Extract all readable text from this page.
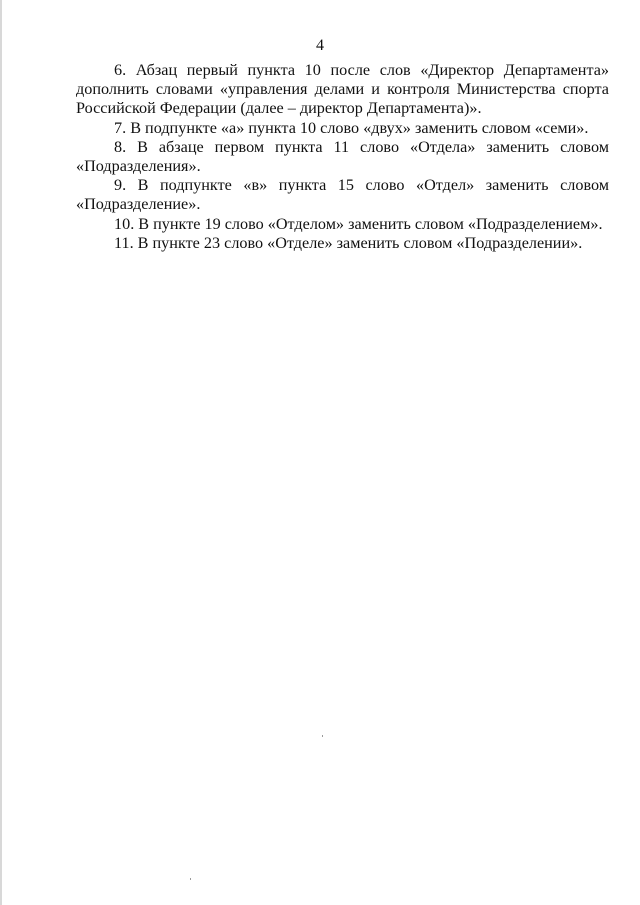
4

6. Абзац первый пункта 10 после слов «Директор Департамента» дополнить словами «управления делами и контроля Министерства спорта Российской Федерации (далее – директор Департамента)».

7. В подпункте «а» пункта 10 слово «двух» заменить словом «семи».

8. В абзаце первом пункта 11 слово «Отдела» заменить словом «Подразделения».

9. В подпункте «в» пункта 15 слово «Отдел» заменить словом «Подразделение».

10. В пункте 19 слово «Отделом» заменить словом «Подразделением».

11. В пункте 23 слово «Отделе» заменить словом «Подразделении».
